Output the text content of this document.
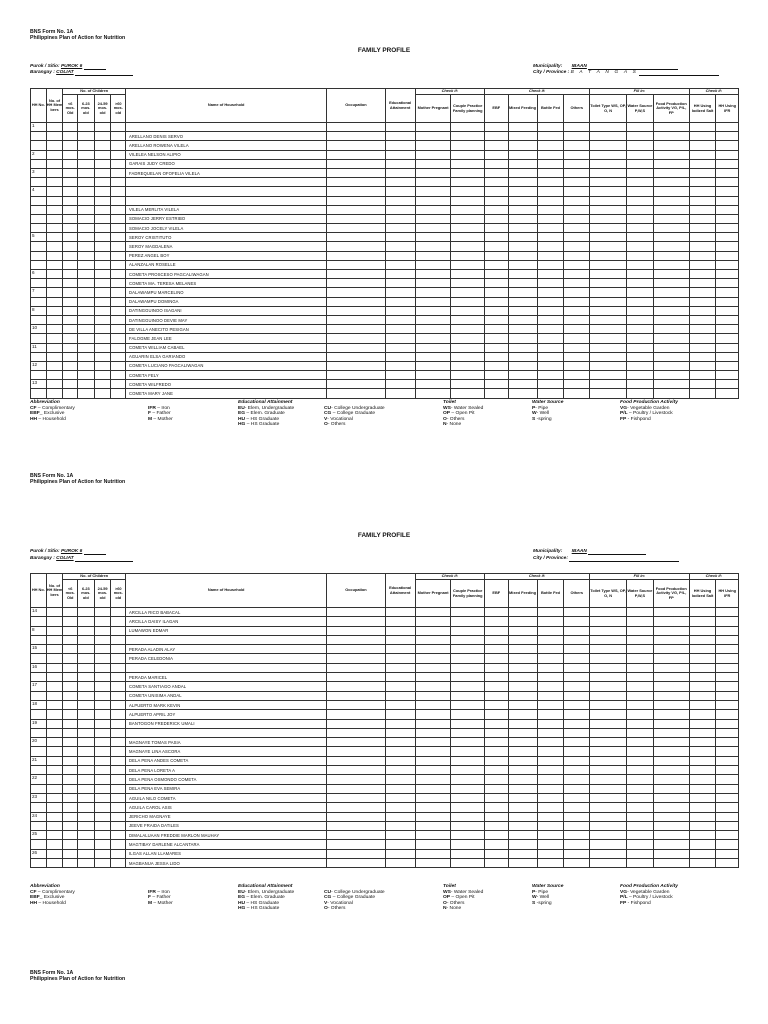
BNS Form No. 1A
Philippines Plan of Action for Nutrition
FAMILY PROFILE
Purok / Sitio: PUROK 6
Barangay : COLIAT
Municipality: IBAAN
City / Province : B A T A N G A S
HH No.	No. of HH Mem bers	No. of Children				Name of Household	Occupation	Educational Attainment	Check if:		Check if:				Fill in:			Check if:	
		<6 mos. Old	6-23 mos. old	24-59 mos. old	>60 mos. old				Mother Pregnant	Couple Practice Family planning	EBF	Mixed Feeding	Bottle Fed	Others	Toilet Type WS, OP, O, N	Water Source P,W,S	Food Production Activity VG, P/L, FP	HH Using Iodized Salt	HH Using IFR
1																			
						ARELLANO DENIS SERVO													
						ARELLANO ROWENA VILELA													
2						VILELEA NELSON ALIPIO													
						GARAIS JUDY CREDO													
3						FADREQUELAN OFOFELIA VILELA													

4																			

						VILELA MERLITA VILELA													
						SOMACIO JERRY ESTRIBO													
						SOMACIO JOCELY VILELA													
5						SEROY CRISTITUTO													
						SEROY MAGDALENA													
						PEREZ ANGEL BOY													
						ALANZALAN ROSELLE													
6						COMETA PROSCESO PAGCALIWAGAN													
						COMETA MA. TERESA MELANES													
7						DALAWAMPU MARCELINO													
						DALAWAMPU DOMINGA													
8						DATINGGUINOO ISAGANI													
						DATINGGUINOO DEVIE MAY													
10						DE VILLA ANECITO PESIGAN													
						FALOGME JEAN LEE													
11						COMETA WILLIAM CABAEL													
						AGUARIN ELSA GARIANDO													
12						COMETA LUCIANO PAGCALIWAGAN													
						COMETA FELY													
13						COMETA WILFREDO													
						COMETA MARY JANE													
Abbreviation
CF – Complimentary
EBF_ Exclusive
HH – Household

IFR – Iron
F – Father
M – Mother
Educational Attainment
EU- Elem, Undergraduate
EG – Elem. Graduate
HU – HS Graduate
HG – HS Graduate

CU- College Undergraduate
CG – College Graduate
V- Vocational
O- Others
Toilet
WS- Water Sealed
OP – Open Pit
O- Others
N- None
Water Source
P- Pipe
W- Well
S -spring
Food Production Activity
VG- Vegetable Garden
P/L – Poultry / Livestock
FP - Fishpond
BNS Form No. 1A
Philippines Plan of Action for Nutrition
FAMILY PROFILE
Purok / Sitio: PUROK 6
Barangay : COLIAT
Municipality: IBAAN
City / Province:
HH No.	No. of HH Mem bers	No. of Children				Name of Household	Occupation	Educational Attainment	Check if:		Check if:				Fill in:			Check if:	
		<6 mos. Old	6-23 mos. old	24-59 mos. old	>60 mos. old				Mother Pregnant	Couple Practice Family planning	EBF	Mixed Feeding	Bottle Fed	Others	Toilet Type WS, OP, O, N	Water Source P,W,S	Food Production Activity VG, P/L, FP	HH Using Iodized Salt	HH Using IFR
14						ARCILLA RICO BABACAL													
						ARCILLA DAISY ILAGAN													
8						LUMAWON EDMAR													

15						PERADA ALADIN ALAY													
						PERADA CELEDONIA													
16																			
						PERADA MARICEL													
17						COMETA SANTIAGO ANDAL													
						COMETA UNISIMA ANDAL													
18						ALPUERTO MARK KEVIN													
						ALPUERTO APRIL JOY													
19						BANTOGON FREDERICK UMALI													

20						MAGNAYE TOMAS PASIA													
						MAGNAYE LINA ASCORA													
21						DELA PENA ANDES COMETA													
						DELA PENA LORETA A													
22						DELA PENA OSMONDO COMETA													
						DELA PENA EVA SEMIRA													
23						AGUILA NILO COMETA													
						AGUILA CAROL ASIS													
24						JERICHO MAGNAYE													
						JEEVE FRAIDA DATILES													
25						DIMALALUAAN FREDDIE MARLON MAUHAY													
						MAGTIBAY DARLENE ALCANTARA													
26						ILGAS ALLAN LLAMARES													
						MAGBANUA JESSA LIDO													
Abbreviation
CF – Complimentary
EBF_ Exclusive
HH – Household

IFR – Iron
F – Father
M – Mother
Educational Attainment
EU- Elem, Undergraduate
EG – Elem. Graduate
HU – HS Graduate
HG – HS Graduate

CU- College Undergraduate
CG – College Graduate
V- Vocational
O- Others
Toilet
WS- Water Sealed
OP – Open Pit
O- Others
N- None
Water Source
P- Pipe
W- Well
S -spring
Food Production Activity
VG- Vegetable Garden
P/L – Poultry / Livestock
FP - Fishpond
BNS Form No. 1A
Philippines Plan of Action for Nutrition
